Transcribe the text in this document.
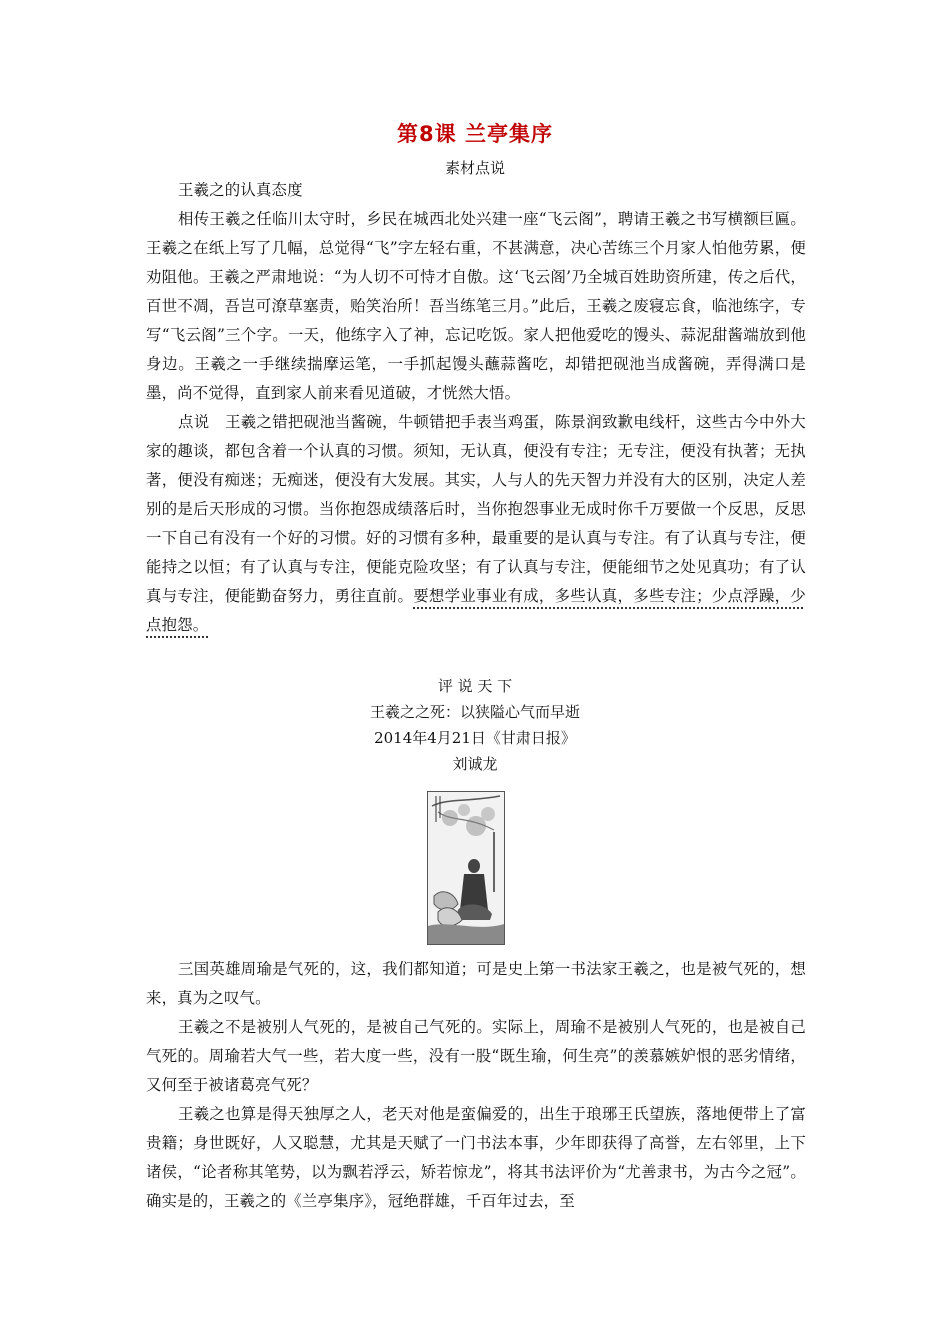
第8课 兰亭集序
素材点说

王羲之的认真态度

相传王羲之任临川太守时，乡民在城西北处兴建一座“飞云阁”，聘请王羲之书写横额巨匾。王羲之在纸上写了几幅，总觉得“飞”字左轻右重，不甚满意，决心苦练三个月家人怕他劳累，便劝阻他。王羲之严肃地说：“为人切不可恃才自傲。这‘飞云阁’乃全城百姓助资所建，传之后代，百世不凋，吾岂可潦草塞责，贻笑治所！吾当练笔三月。”此后，王羲之废寝忘食，临池练字，专写“飞云阁”三个字。一天，他练字入了神，忘记吃饭。家人把他爱吃的馒头、蒜泥甜酱端放到他身边。王羲之一手继续揣摩运笔，一手抓起馒头蘸蒜酱吃，却错把砚池当成酱碗，弄得满口是墨，尚不觉得，直到家人前来看见道破，才恍然大悟。

点说　王羲之错把砚池当酱碗，牛顿错把手表当鸡蛋，陈景润致歉电线杆，这些古今中外大家的趣谈，都包含着一个认真的习惯。须知，无认真，便没有专注；无专注，便没有执著；无执著，便没有痴迷；无痴迷，便没有大发展。其实，人与人的先天智力并没有大的区别，决定人差别的是后天形成的习惯。当你抱怨成绩落后时，当你抱怨事业无成时你千万要做一个反思，反思一下自己有没有一个好的习惯。好的习惯有多种，最重要的是认真与专注。有了认真与专注，便能持之以恒；有了认真与专注，便能克险攻坚；有了认真与专注，便能细节之处见真功；有了认真与专注，便能勤奋努力，勇往直前。要想学业事业有成，多些认真，多些专注；少点浮躁，少点抱怨。

评 说 天 下
王羲之之死：以狭隘心气而早逝
2014年4月21日《甘肃日报》
刘诚龙

三国英雄周瑜是气死的，这，我们都知道；可是史上第一书法家王羲之，也是被气死的，想来，真为之叹气。

王羲之不是被别人气死的，是被自己气死的。实际上，周瑜不是被别人气死的，也是被自己气死的。周瑜若大气一些，若大度一些，没有一股“既生瑜，何生亮”的羡慕嫉妒恨的恶劣情绪，又何至于被诸葛亮气死？

王羲之也算是得天独厚之人，老天对他是蛮偏爱的，出生于琅琊王氏望族，落地便带上了富贵籍；身世既好，人又聪慧，尤其是天赋了一门书法本事，少年即获得了高誉，左右邻里，上下诸侯，“论者称其笔势，以为飘若浮云，矫若惊龙”，将其书法评价为“尤善隶书，为古今之冠”。确实是的，王羲之的《兰亭集序》，冠绝群雄，千百年过去，至
